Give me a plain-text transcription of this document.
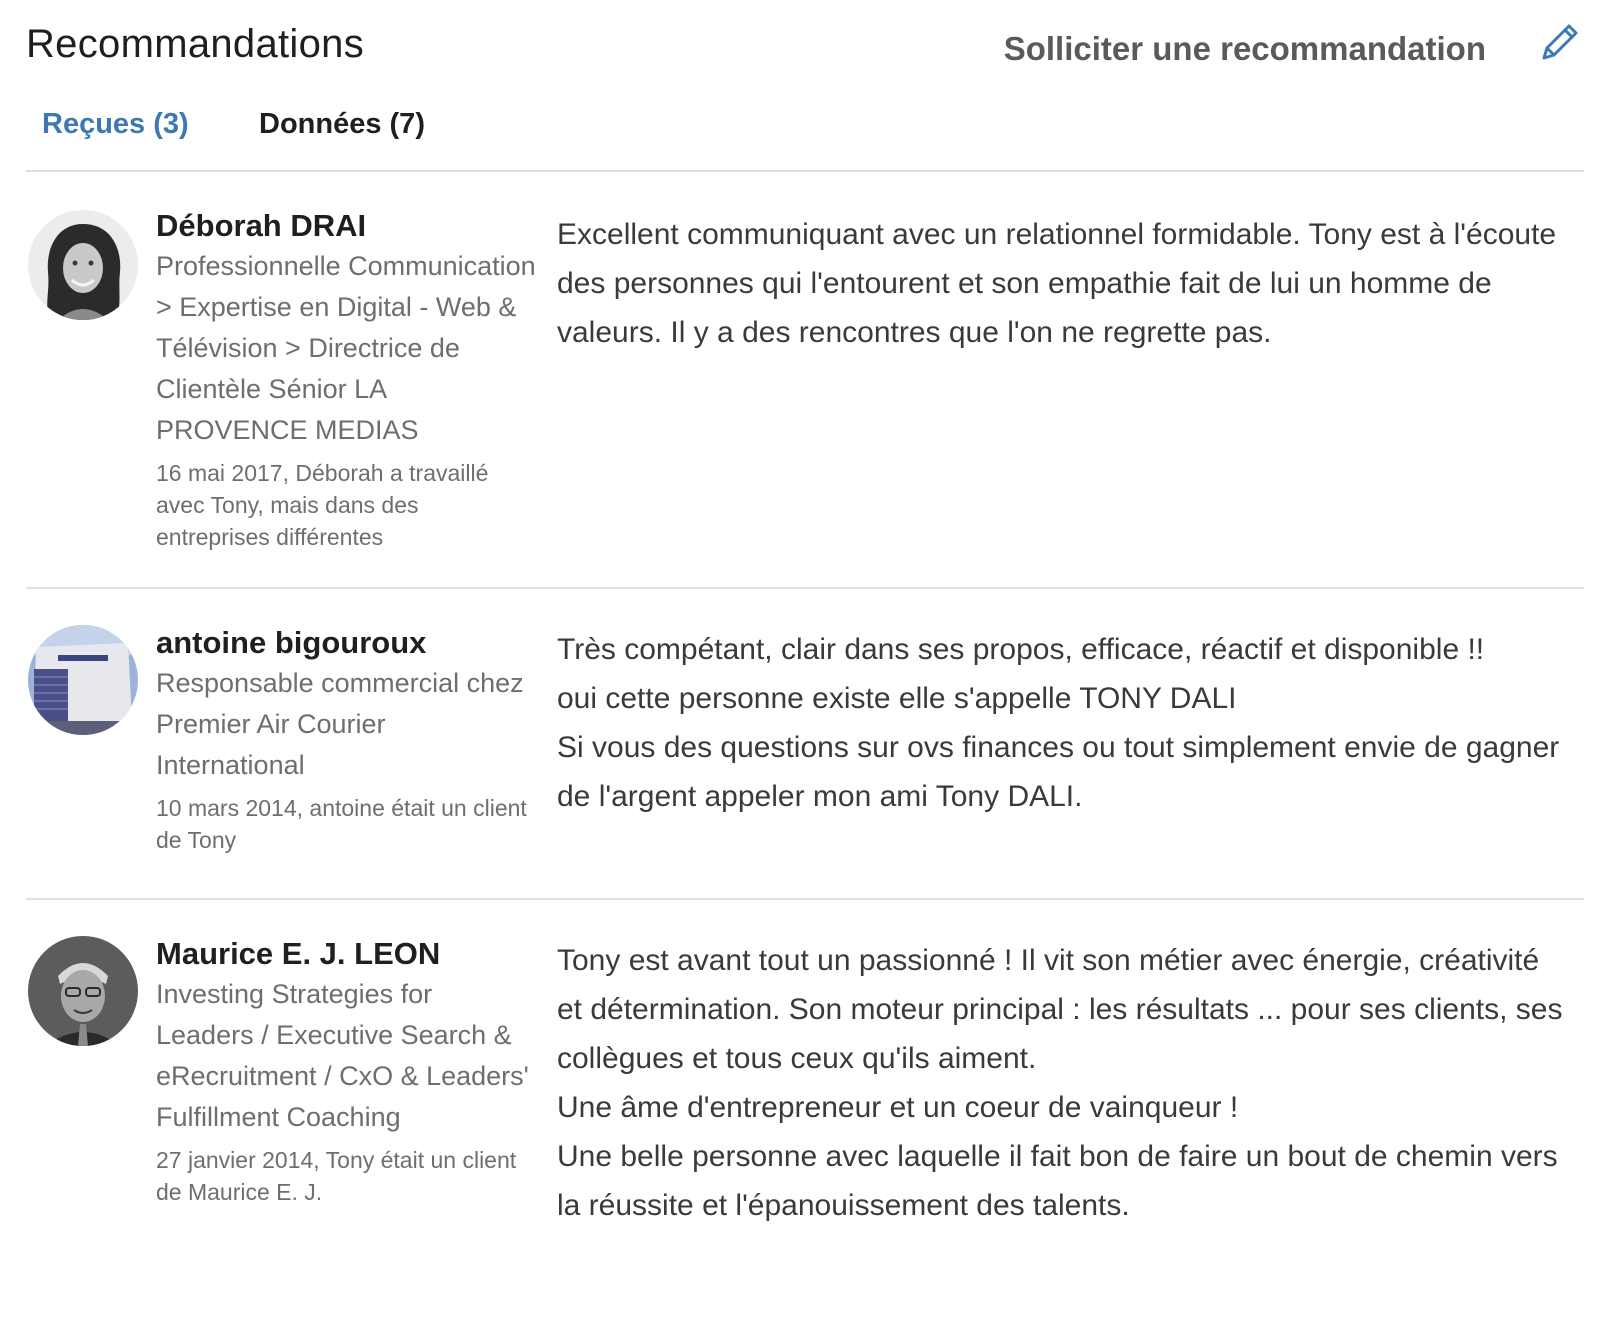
Recommandations	Solliciter une recommandation
Reçues (3) Données (7)
Déborah DRAI
Professionnelle Communication > Expertise en Digital - Web & Télévision > Directrice de Clientèle Sénior LA PROVENCE MEDIAS
16 mai 2017, Déborah a travaillé avec Tony, mais dans des entreprises différentes
Excellent communiquant avec un relationnel formidable. Tony est à l'écoute des personnes qui l'entourent et son empathie fait de lui un homme de valeurs. Il y a des rencontres que l'on ne regrette pas.
antoine bigouroux
Responsable commercial chez Premier Air Courier International
10 mars 2014, antoine était un client de Tony
Très compétant, clair dans ses propos, efficace, réactif et disponible !!
oui cette personne existe elle s'appelle TONY DALI
Si vous des questions sur ovs finances ou tout simplement envie de gagner de l'argent appeler mon ami Tony DALI.
Maurice E. J. LEON
Investing Strategies for Leaders / Executive Search & eRecruitment / CxO & Leaders' Fulfillment Coaching
27 janvier 2014, Tony était un client de Maurice E. J.
Tony est avant tout un passionné ! Il vit son métier avec énergie, créativité et détermination. Son moteur principal : les résultats ... pour ses clients, ses collègues et tous ceux qu'ils aiment.
Une âme d'entrepreneur et un coeur de vainqueur !
Une belle personne avec laquelle il fait bon de faire un bout de chemin vers la réussite et l'épanouissement des talents.
